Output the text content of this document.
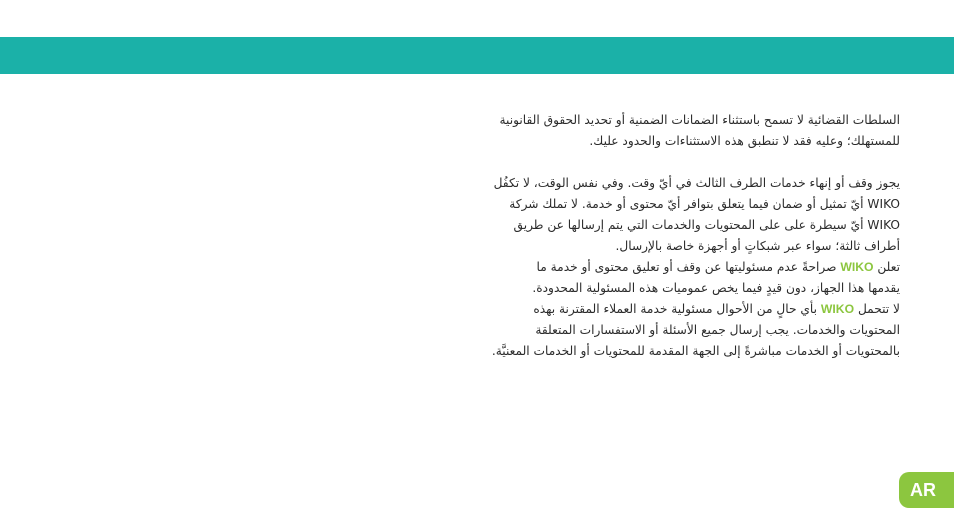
السلطات القضائية لا تسمح باستثناء الضمانات الضمنية أو تحديد الحقوق القانونية
للمستهلك؛ وعليه فقد لا تنطبق هذه الاستثناءات والحدود عليك.

يجوز وقف أو إنهاء خدمات الطرف الثالث في أيّ وقت. وفي نفس الوقت، لا تكفُل
WIKO أيّ تمثيل أو ضمان فيما يتعلق بتوافر أيّ محتوى أو خدمة. لا تملك شركة
WIKO أيّ سيطرة على على المحتويات والخدمات التي يتم إرسالها عن طريق
أطراف ثالثة؛ سواء عبر شبكاتٍ أو أجهزة خاصة بالإرسال.
تعلن WIKO صراحةً عدم مسئوليتها عن وقف أو تعليق محتوى أو خدمة ما
يقدمها هذا الجهاز، دون قيدٍ فيما يخص عموميات هذه المسئولية المحدودة.
لا تتحمل WIKO بأي حالٍ من الأحوال مسئولية خدمة العملاء المقترنة بهذه
المحتويات والخدمات. يجب إرسال جميع الأسئلة أو الاستفسارات المتعلقة
بالمحتويات أو الخدمات مباشرةً إلى الجهة المقدمة للمحتويات أو الخدمات المعنيَّة.

AR
